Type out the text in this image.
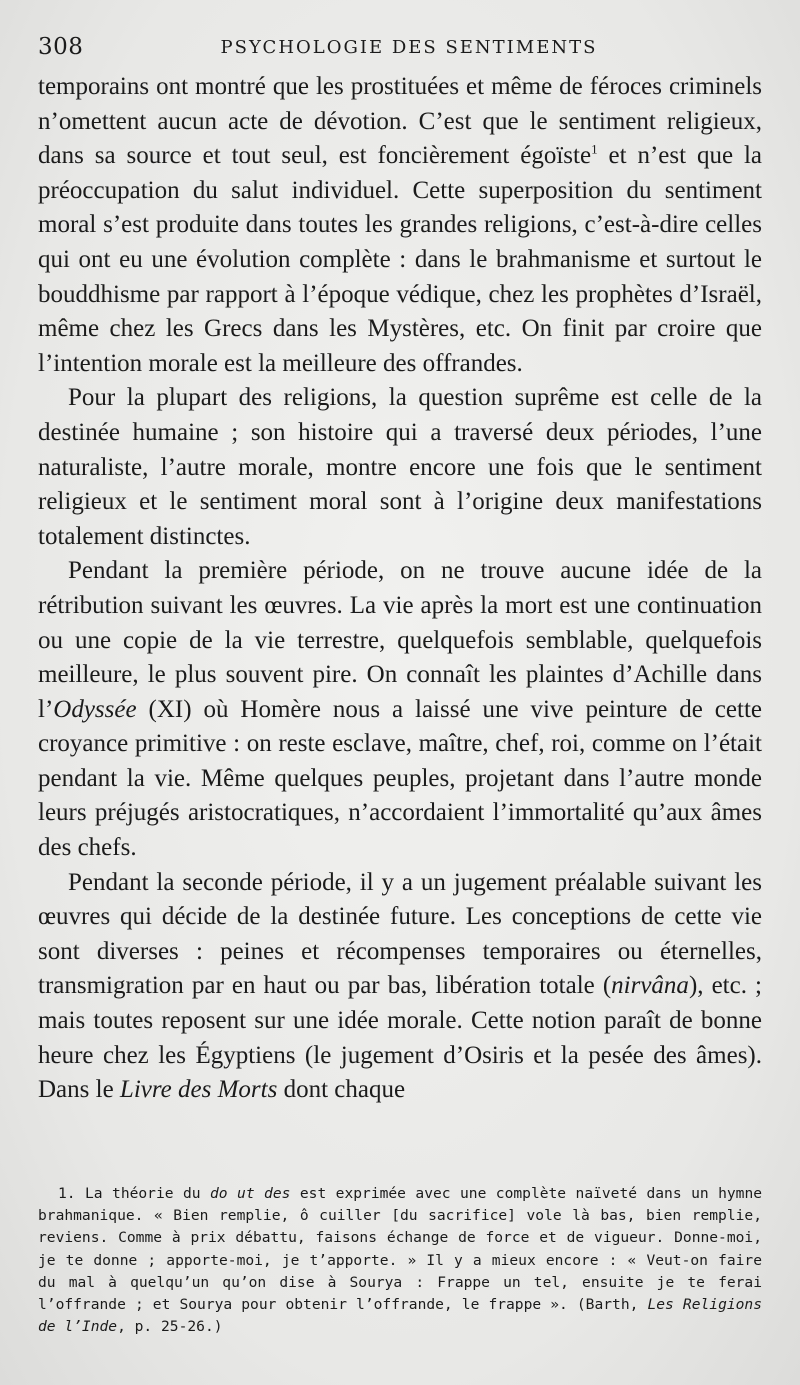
308	PSYCHOLOGIE DES SENTIMENTS

temporains ont montré que les prostituées et même de féroces criminels n’omettent aucun acte de dévotion. C’est que le sentiment religieux, dans sa source et tout seul, est foncièrement égoïste$^1$ et n’est que la préoccupation du salut individuel. Cette superposition du sentiment moral s’est produite dans toutes les grandes religions, c’est-à-dire celles qui ont eu une évolution complète : dans le brahmanisme et surtout le bouddhisme par rapport à l’époque védique, chez les prophètes d’Israël, même chez les Grecs dans les Mystères, etc. On finit par croire que l’intention morale est la meilleure des offrandes.

Pour la plupart des religions, la question suprême est celle de la destinée humaine ; son histoire qui a traversé deux périodes, l’une naturaliste, l’autre morale, montre encore une fois que le sentiment religieux et le sentiment moral sont à l’origine deux manifestations totalement distinctes.

Pendant la première période, on ne trouve aucune idée de la rétribution suivant les œuvres. La vie après la mort est une continuation ou une copie de la vie terrestre, quelquefois semblable, quelquefois meilleure, le plus souvent pire. On connaît les plaintes d’Achille dans l’Odyssée (XI) où Homère nous a laissé une vive peinture de cette croyance primitive : on reste esclave, maître, chef, roi, comme on l’était pendant la vie. Même quelques peuples, projetant dans l’autre monde leurs préjugés aristocratiques, n’accordaient l’immortalité qu’aux âmes des chefs.

Pendant la seconde période, il y a un jugement préalable suivant les œuvres qui décide de la destinée future. Les conceptions de cette vie sont diverses : peines et récompenses temporaires ou éternelles, transmigration par en haut ou par bas, libération totale (nirvâna), etc. ; mais toutes reposent sur une idée morale. Cette notion paraît de bonne heure chez les Égyptiens (le jugement d’Osiris et la pesée des âmes). Dans le Livre des Morts dont chaque

1. La théorie du do ut des est exprimée avec une complète naïveté dans un hymne brahmanique. « Bien remplie, ô cuiller [du sacrifice] vole là bas, bien remplie, reviens. Comme à prix débattu, faisons échange de force et de vigueur. Donne-moi, je te donne ; apporte-moi, je t’apporte. » Il y a mieux encore : « Veut-on faire du mal à quelqu’un qu’on dise à Sourya : Frappe un tel, ensuite je te ferai l’offrande ; et Sourya pour obtenir l’offrande, le frappe ». (Barth, Les Religions de l’Inde, p. 25-26.)
